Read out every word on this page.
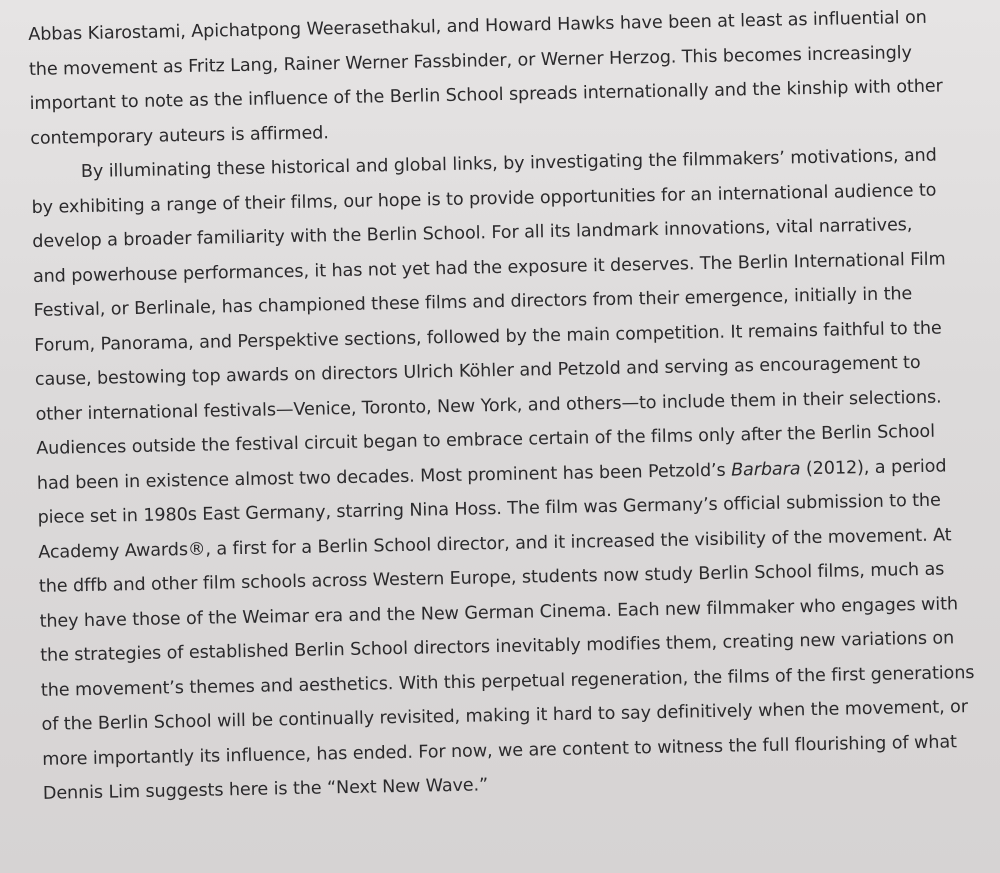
Abbas Kiarostami, Apichatpong Weerasethakul, and Howard Hawks have been at least as influential on
the movement as Fritz Lang, Rainer Werner Fassbinder, or Werner Herzog. This becomes increasingly
important to note as the influence of the Berlin School spreads internationally and the kinship with other
contemporary auteurs is affirmed.
By illuminating these historical and global links, by investigating the filmmakers’ motivations, and
by exhibiting a range of their films, our hope is to provide opportunities for an international audience to
develop a broader familiarity with the Berlin School. For all its landmark innovations, vital narratives,
and powerhouse performances, it has not yet had the exposure it deserves. The Berlin International Film
Festival, or Berlinale, has championed these films and directors from their emergence, initially in the
Forum, Panorama, and Perspektive sections, followed by the main competition. It remains faithful to the
cause, bestowing top awards on directors Ulrich Köhler and Petzold and serving as encouragement to
other international festivals—Venice, Toronto, New York, and others—to include them in their selections.
Audiences outside the festival circuit began to embrace certain of the films only after the Berlin School
had been in existence almost two decades. Most prominent has been Petzold’s Barbara (2012), a period
piece set in 1980s East Germany, starring Nina Hoss. The film was Germany’s official submission to the
Academy Awards®, a first for a Berlin School director, and it increased the visibility of the movement. At
the dffb and other film schools across Western Europe, students now study Berlin School films, much as
they have those of the Weimar era and the New German Cinema. Each new filmmaker who engages with
the strategies of established Berlin School directors inevitably modifies them, creating new variations on
the movement’s themes and aesthetics. With this perpetual regeneration, the films of the first generations
of the Berlin School will be continually revisited, making it hard to say definitively when the movement, or
more importantly its influence, has ended. For now, we are content to witness the full flourishing of what
Dennis Lim suggests here is the “Next New Wave.”
